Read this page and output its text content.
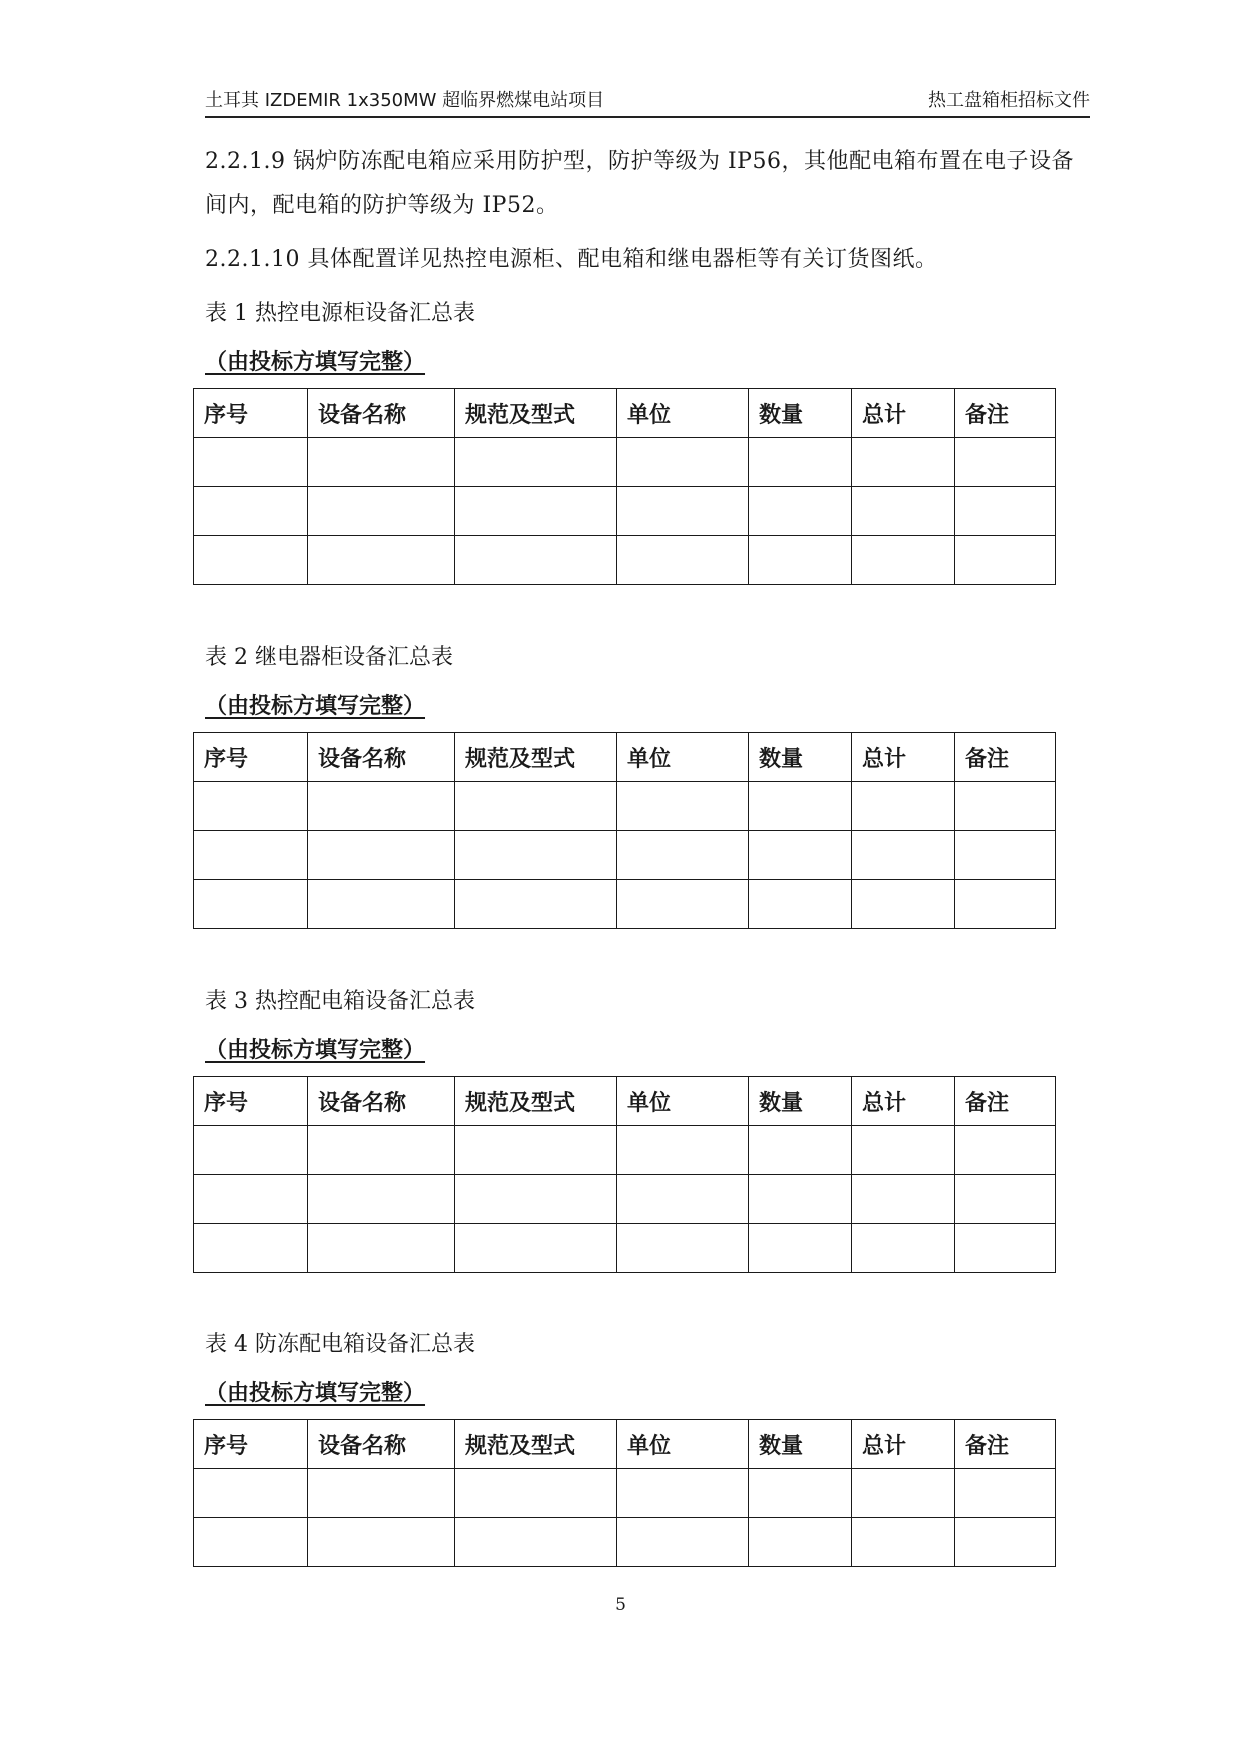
土耳其 IZDEMIR 1x350MW 超临界燃煤电站项目	热工盘箱柜招标文件
2.2.1.9 锅炉防冻配电箱应采用防护型，防护等级为 IP56，其他配电箱布置在电子设备间内，配电箱的防护等级为 IP52。
2.2.1.10 具体配置详见热控电源柜、配电箱和继电器柜等有关订货图纸。
表 1 热控电源柜设备汇总表
（由投标方填写完整）
序号	设备名称	规范及型式	单位	数量	总计	备注

表 2 继电器柜设备汇总表
（由投标方填写完整）
序号	设备名称	规范及型式	单位	数量	总计	备注

表 3 热控配电箱设备汇总表
（由投标方填写完整）
序号	设备名称	规范及型式	单位	数量	总计	备注

表 4 防冻配电箱设备汇总表
（由投标方填写完整）
序号	设备名称	规范及型式	单位	数量	总计	备注

5
